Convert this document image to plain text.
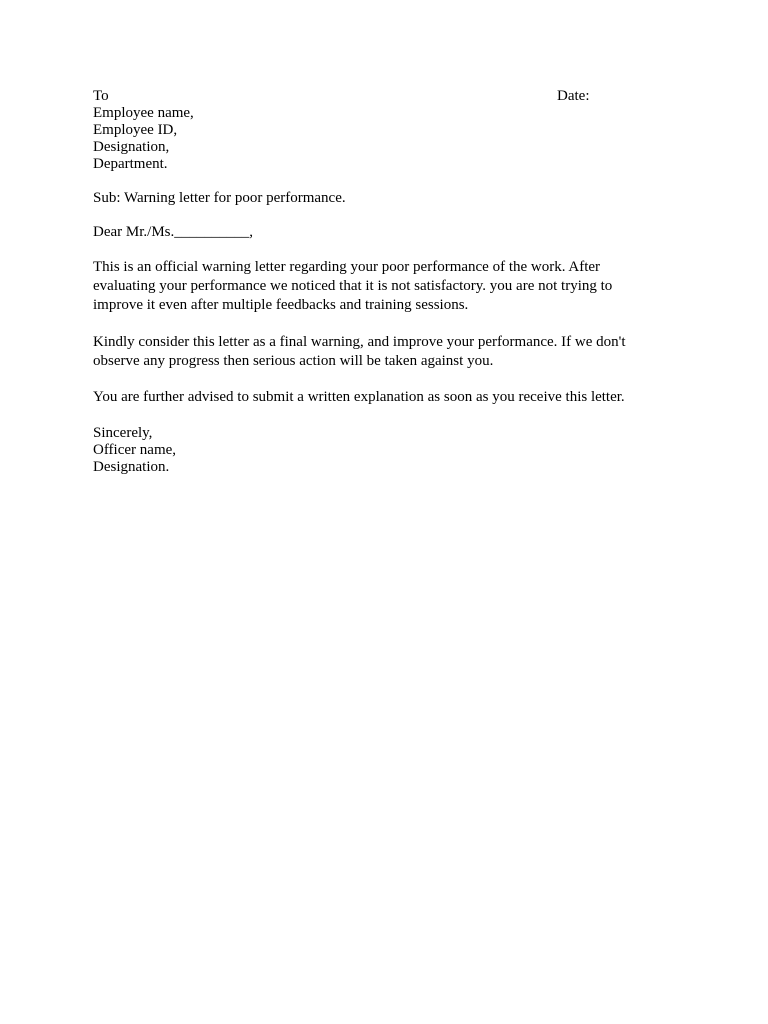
To	Date:
Employee name,
Employee ID,
Designation,
Department.
Sub: Warning letter for poor performance.
Dear Mr./Ms.__________,
This is an official warning letter regarding your poor performance of the work. After
evaluating your performance we noticed that it is not satisfactory. you are not trying to
improve it even after multiple feedbacks and training sessions.
Kindly consider this letter as a final warning, and improve your performance. If we don't
observe any progress then serious action will be taken against you.
You are further advised to submit a written explanation as soon as you receive this letter.
Sincerely,
Officer name,
Designation.
